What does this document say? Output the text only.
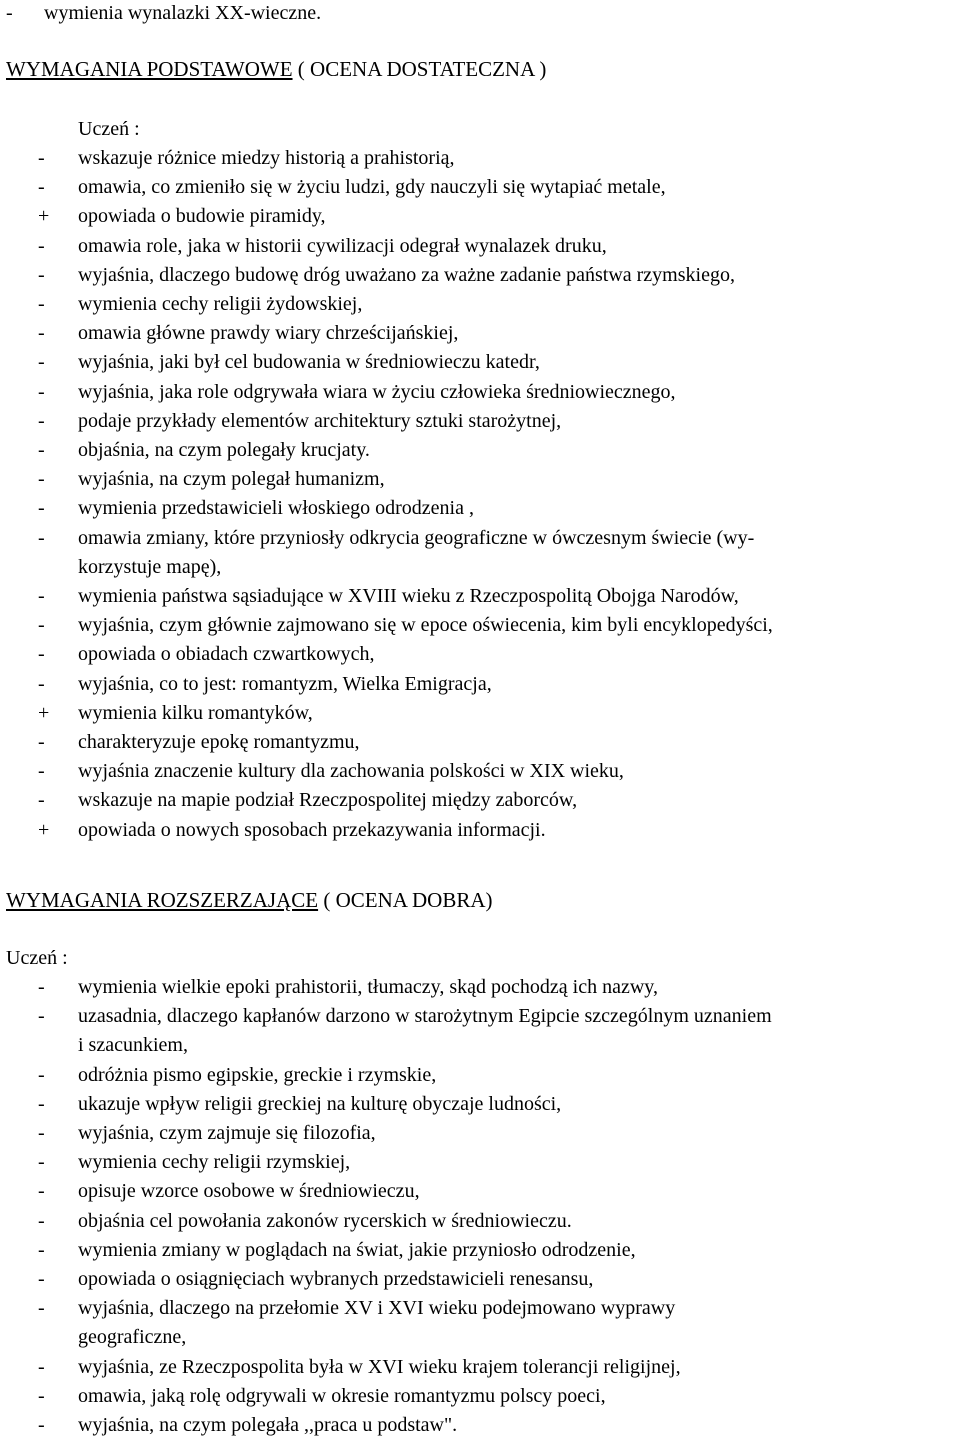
-	wymienia wynalazki XX-wieczne.
WYMAGANIA PODSTAWOWE ( OCENA DOSTATECZNA )
Uczeń :
-	wskazuje różnice miedzy historią a prahistorią,
-	omawia, co zmieniło się w życiu ludzi, gdy nauczyli się wytapiać metale,
+	opowiada o budowie piramidy,
-	omawia role, jaka w historii cywilizacji odegrał wynalazek druku,
-	wyjaśnia, dlaczego budowę dróg uważano za ważne zadanie państwa rzymskiego,
-	wymienia cechy religii żydowskiej,
-	omawia główne prawdy wiary chrześcijańskiej,
-	wyjaśnia, jaki był cel budowania w średniowieczu katedr,
-	wyjaśnia, jaka role odgrywała wiara w życiu człowieka średniowiecznego,
-	podaje przykłady elementów architektury sztuki starożytnej,
-	objaśnia, na czym polegały krucjaty.
-	wyjaśnia, na czym polegał humanizm,
-	wymienia przedstawicieli włoskiego odrodzenia ,
-	omawia zmiany, które przyniosły odkrycia geograficzne w ówczesnym świecie (wy-
korzystuje mapę),
-	wymienia państwa sąsiadujące w XVIII wieku z Rzeczpospolitą Obojga Narodów,
-	wyjaśnia, czym głównie zajmowano się w epoce oświecenia, kim byli encyklopedyści,
-	opowiada o obiadach czwartkowych,
-	wyjaśnia, co to jest: romantyzm, Wielka Emigracja,
+	wymienia kilku romantyków,
-	charakteryzuje epokę romantyzmu,
-	wyjaśnia znaczenie kultury dla zachowania polskości w XIX wieku,
-	wskazuje na mapie podział Rzeczpospolitej między zaborców,
+	opowiada o nowych sposobach przekazywania informacji.
WYMAGANIA ROZSZERZAJĄCE ( OCENA DOBRA)
Uczeń :
-	wymienia wielkie epoki prahistorii, tłumaczy, skąd pochodzą ich nazwy,
-	uzasadnia, dlaczego kapłanów darzono w starożytnym Egipcie szczególnym uznaniem
i szacunkiem,
-	odróżnia pismo egipskie, greckie i rzymskie,
-	ukazuje wpływ religii greckiej na kulturę obyczaje ludności,
-	wyjaśnia, czym zajmuje się filozofia,
-	wymienia cechy religii rzymskiej,
-	opisuje wzorce osobowe w średniowieczu,
-	objaśnia cel powołania zakonów rycerskich w średniowieczu.
-	wymienia zmiany w poglądach na świat, jakie przyniosło odrodzenie,
-	opowiada o osiągnięciach wybranych przedstawicieli renesansu,
-	wyjaśnia, dlaczego na przełomie XV i XVI wieku podejmowano wyprawy
geograficzne,
-	wyjaśnia, ze Rzeczpospolita była w XVI wieku krajem tolerancji religijnej,
-	omawia, jaką rolę odgrywali w okresie romantyzmu polscy poeci,
-	wyjaśnia, na czym polegała ,,praca u podstaw".
